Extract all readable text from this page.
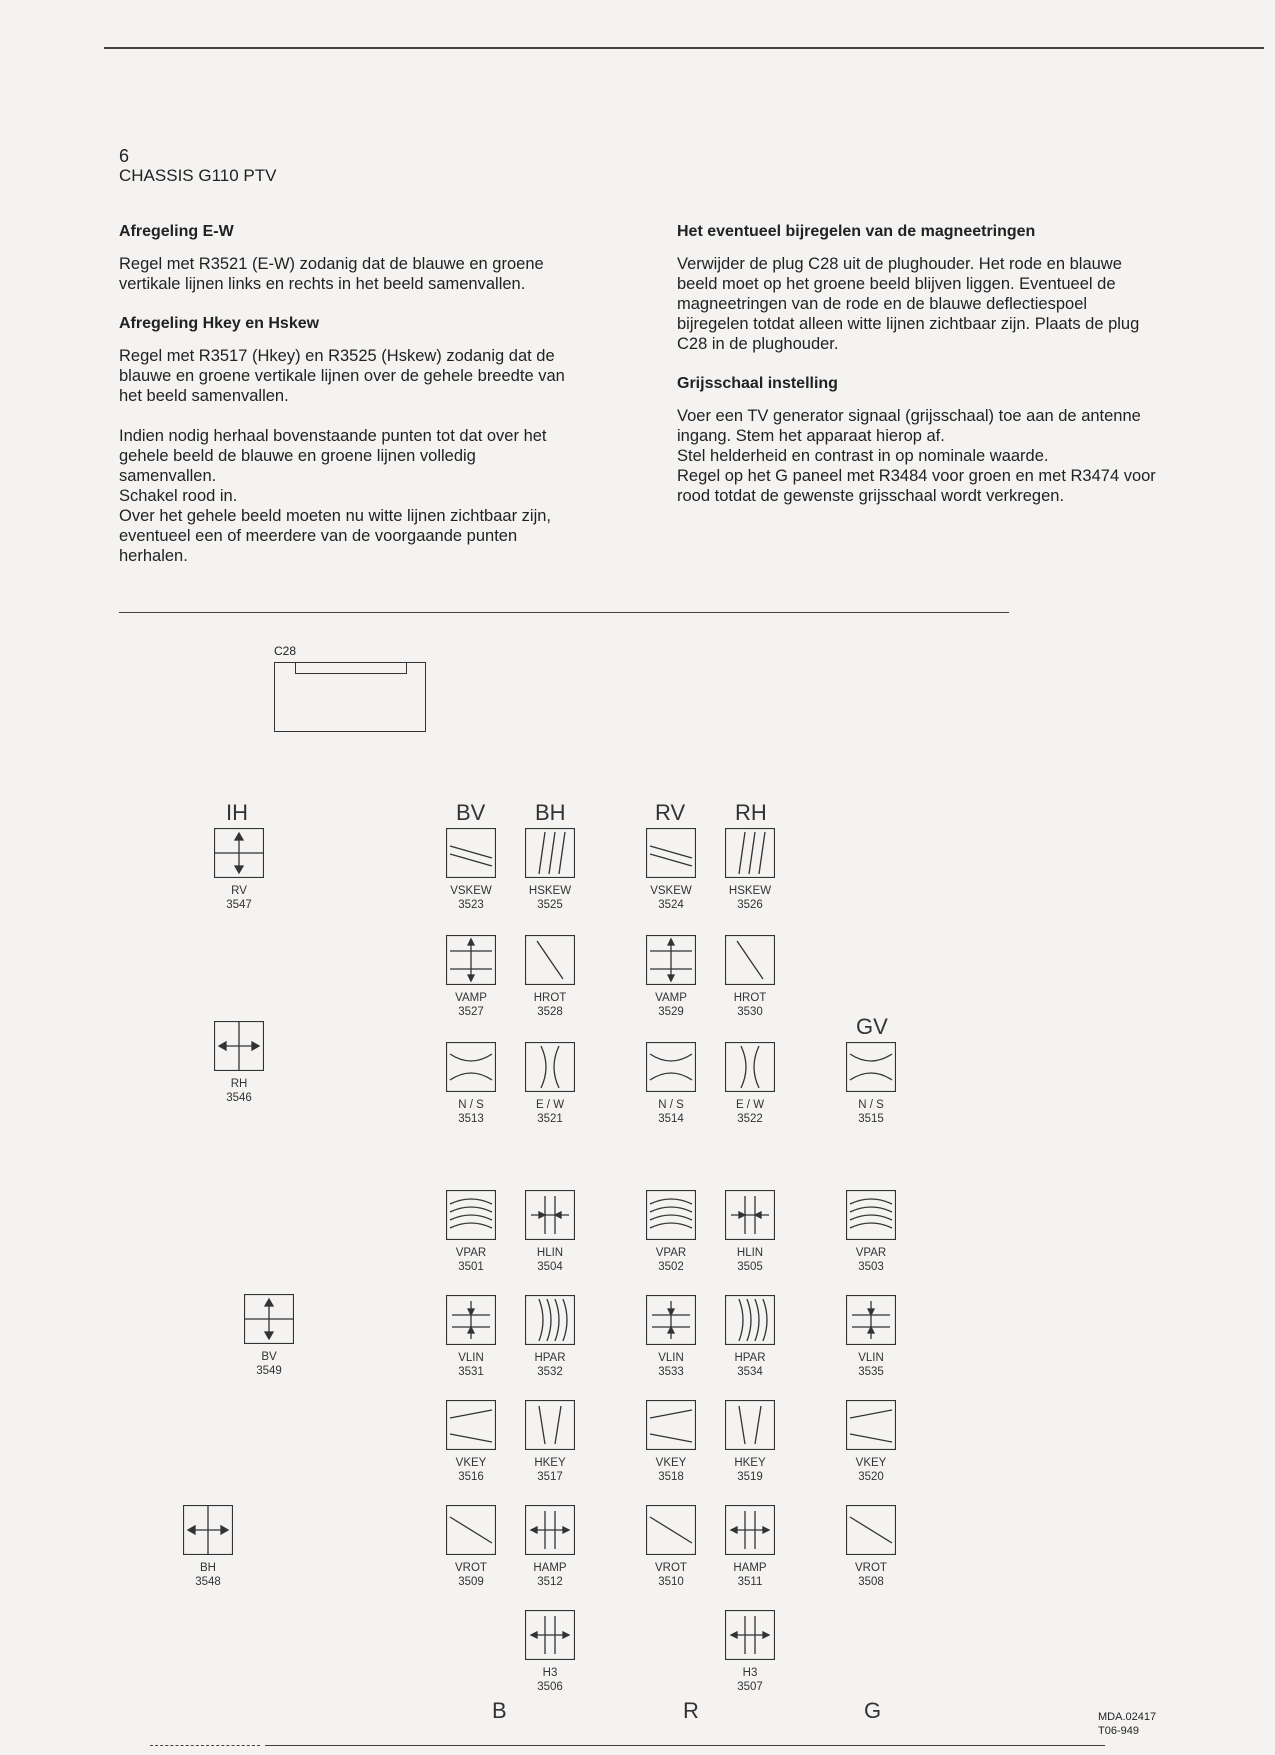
6
CHASSIS G110 PTV
Afregeling E-W

Regel met R3521 (E-W) zodanig dat de blauwe en groene vertikale lijnen links en rechts in het beeld samenvallen.

Afregeling Hkey en Hskew

Regel met R3517 (Hkey) en R3525 (Hskew) zodanig dat de blauwe en groene vertikale lijnen over de gehele breedte van het beeld samenvallen.

Indien nodig herhaal bovenstaande punten tot dat over het gehele beeld de blauwe en groene lijnen volledig samenvallen.

Schakel rood in.

Over het gehele beeld moeten nu witte lijnen zichtbaar zijn, eventueel een of meerdere van de voorgaande punten herhalen.

Het eventueel bijregelen van de magneetringen

Verwijder de plug C28 uit de plughouder. Het rode en blauwe beeld moet op het groene beeld blijven liggen. Eventueel de magneetringen van de rode en de blauwe deflectiespoel bijregelen totdat alleen witte lijnen zichtbaar zijn. Plaats de plug C28 in de plughouder.

Grijsschaal instelling

Voer een TV generator signaal (grijsschaal) toe aan de antenne ingang. Stem het apparaat hierop af.

Stel helderheid en contrast in op nominale waarde.

Regel op het G paneel met R3484 voor groen en met R3474 voor rood totdat de gewenste grijsschaal wordt verkregen.

C28
IH	BV BH	RV RH
GV
B	R	G
RV
3547
RH
3546
BV
3549
BH
3548
VSKEW
3523
HSKEW
3525
VSKEW
3524
HSKEW
3526
VAMP
3527
HROT
3528
VAMP
3529
HROT
3530
N / S
3513
E / W
3521
N / S
3514
E / W
3522
N / S
3515
VPAR
3501
HLIN
3504
VPAR
3502
HLIN
3505
VPAR
3503
VLIN
3531
HPAR
3532
VLIN
3533
HPAR
3534
VLIN
3535
VKEY
3516
HKEY
3517
VKEY
3518
HKEY
3519
VKEY
3520
VROT
3509
HAMP
3512
VROT
3510
HAMP
3511
VROT
3508
H3
3506
H3
3507
MDA.02417
T06-949
